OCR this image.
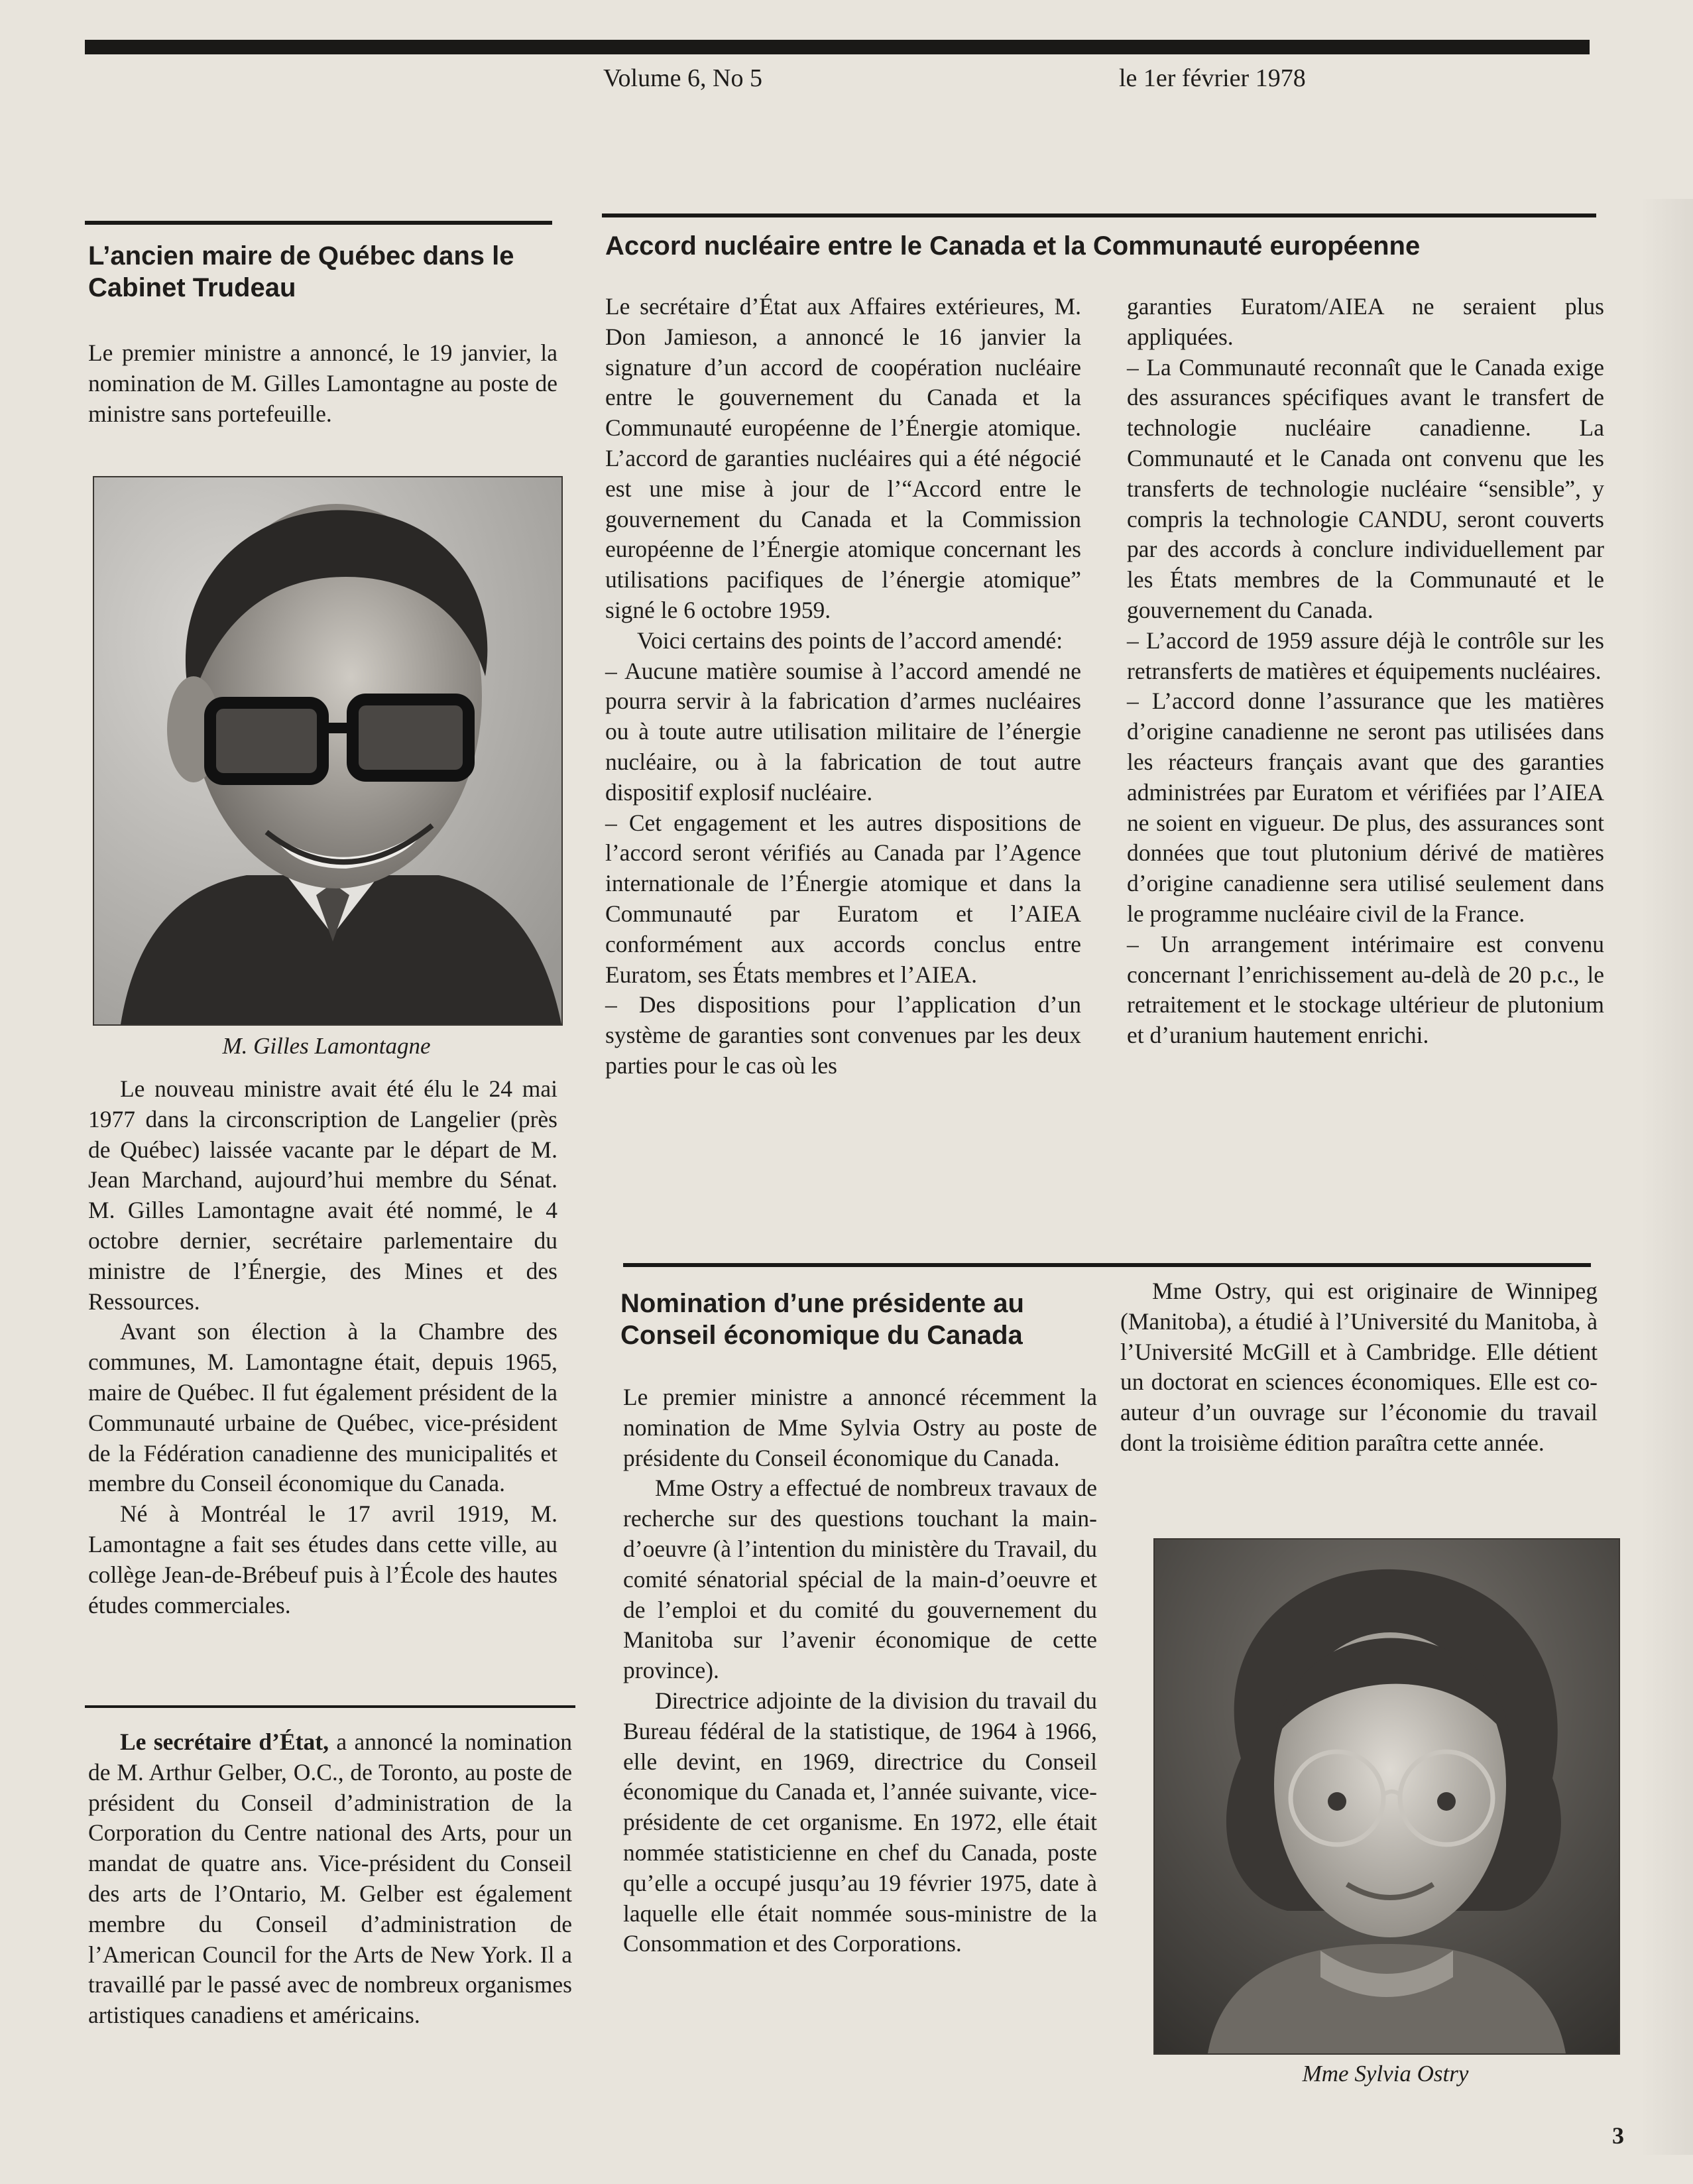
Volume 6, No 5	le 1er février 1978
L’ancien maire de Québec dans le Cabinet Trudeau

Le premier ministre a annoncé, le 19 janvier, la nomination de M. Gilles Lamontagne au poste de ministre sans portefeuille.

M. Gilles Lamontagne

Le nouveau ministre avait été élu le 24 mai 1977 dans la circonscription de Langelier (près de Québec) laissée vacante par le départ de M. Jean Marchand, aujourd’hui membre du Sénat. M. Gilles Lamontagne avait été nommé, le 4 octobre dernier, secrétaire parlementaire du ministre de l’Énergie, des Mines et des Ressources.

Avant son élection à la Chambre des communes, M. Lamontagne était, depuis 1965, maire de Québec. Il fut également président de la Communauté urbaine de Québec, vice-président de la Fédération canadienne des municipalités et membre du Conseil économique du Canada.

Né à Montréal le 17 avril 1919, M. Lamontagne a fait ses études dans cette ville, au collège Jean-de-Brébeuf puis à l’École des hautes études commerciales.

Le secrétaire d’État, a annoncé la nomination de M. Arthur Gelber, O.C., de Toronto, au poste de président du Conseil d’administration de la Corporation du Centre national des Arts, pour un mandat de quatre ans. Vice-président du Conseil des arts de l’Ontario, M. Gelber est également membre du Conseil d’administration de l’American Council for the Arts de New York. Il a travaillé par le passé avec de nombreux organismes artistiques canadiens et américains.

Accord nucléaire entre le Canada et la Communauté européenne

Le secrétaire d’État aux Affaires extérieures, M. Don Jamieson, a annoncé le 16 janvier la signature d’un accord de coopération nucléaire entre le gouvernement du Canada et la Communauté européenne de l’Énergie atomique. L’accord de garanties nucléaires qui a été négocié est une mise à jour de l’“Accord entre le gouvernement du Canada et la Commission européenne de l’Énergie atomique concernant les utilisations pacifiques de l’énergie atomique” signé le 6 octobre 1959.

Voici certains des points de l’accord amendé:

– Aucune matière soumise à l’accord amendé ne pourra servir à la fabrication d’armes nucléaires ou à toute autre utilisation militaire de l’énergie nucléaire, ou à la fabrication de tout autre dispositif explosif nucléaire.

– Cet engagement et les autres dispositions de l’accord seront vérifiés au Canada par l’Agence internationale de l’Énergie atomique et dans la Communauté par Euratom et l’AIEA conformément aux accords conclus entre Euratom, ses États membres et l’AIEA.

– Des dispositions pour l’application d’un système de garanties sont convenues par les deux parties pour le cas où les

garanties Euratom/AIEA ne seraient plus appliquées.

– La Communauté reconnaît que le Canada exige des assurances spécifiques avant le transfert de technologie nucléaire canadienne. La Communauté et le Canada ont convenu que les transferts de technologie nucléaire “sensible”, y compris la technologie CANDU, seront couverts par des accords à conclure individuellement par les États membres de la Communauté et le gouvernement du Canada.

– L’accord de 1959 assure déjà le contrôle sur les retransferts de matières et équipements nucléaires.

– L’accord donne l’assurance que les matières d’origine canadienne ne seront pas utilisées dans les réacteurs français avant que des garanties administrées par Euratom et vérifiées par l’AIEA ne soient en vigueur. De plus, des assurances sont données que tout plutonium dérivé de matières d’origine canadienne sera utilisé seulement dans le programme nucléaire civil de la France.

– Un arrangement intérimaire est convenu concernant l’enrichissement au-delà de 20 p.c., le retraitement et le stockage ultérieur de plutonium et d’uranium hautement enrichi.

Nomination d’une présidente au Conseil économique du Canada

Le premier ministre a annoncé récemment la nomination de Mme Sylvia Ostry au poste de présidente du Conseil économique du Canada.

Mme Ostry a effectué de nombreux travaux de recherche sur des questions touchant la main-d’oeuvre (à l’intention du ministère du Travail, du comité sénatorial spécial de la main-d’oeuvre et de l’emploi et du comité du gouvernement du Manitoba sur l’avenir économique de cette province).

Directrice adjointe de la division du travail du Bureau fédéral de la statistique, de 1964 à 1966, elle devint, en 1969, directrice du Conseil économique du Canada et, l’année suivante, vice-présidente de cet organisme. En 1972, elle était nommée statisticienne en chef du Canada, poste qu’elle a occupé jusqu’au 19 février 1975, date à laquelle elle était nommée sous-ministre de la Consommation et des Corporations.

Mme Ostry, qui est originaire de Winnipeg (Manitoba), a étudié à l’Université du Manitoba, à l’Université McGill et à Cambridge. Elle détient un doctorat en sciences économiques. Elle est co-auteur d’un ouvrage sur l’économie du travail dont la troisième édition paraîtra cette année.

Mme Sylvia Ostry
3
